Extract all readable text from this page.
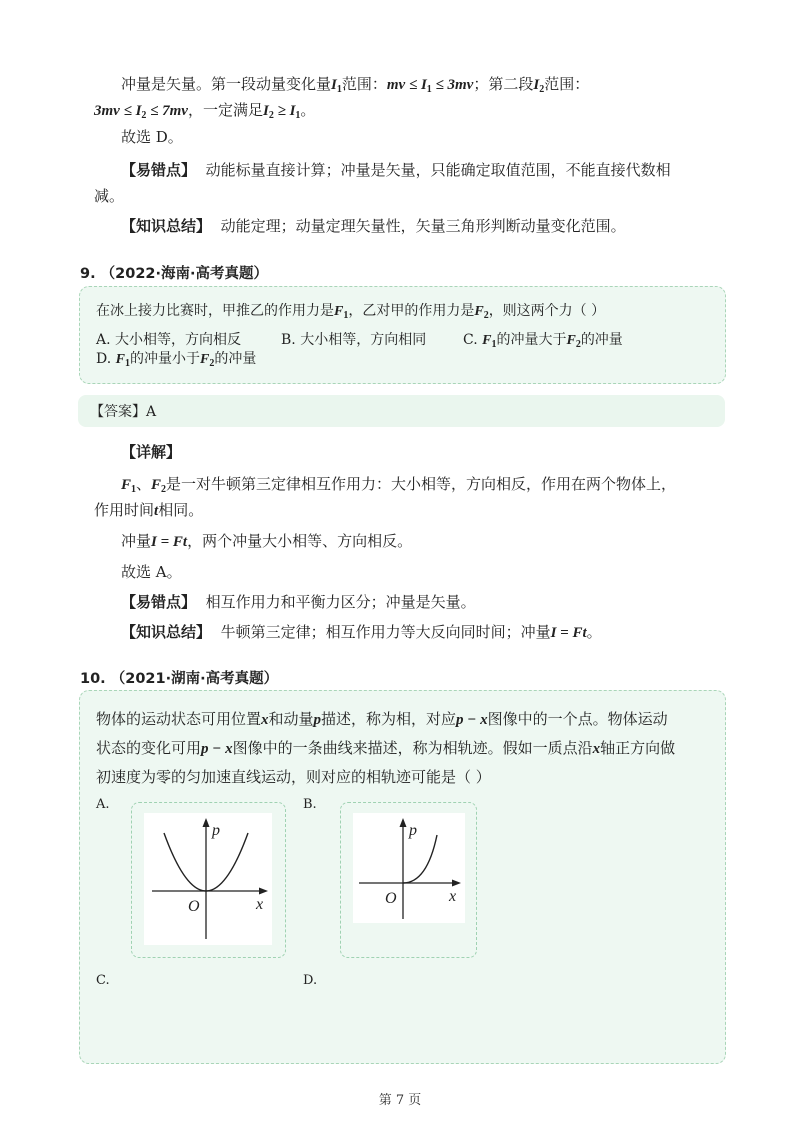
冲量是矢量。第一段动量变化量$I_1$范围：mv ≤ $I_1 \le 3mv$；第二段$I_2$范围：
$3mv \le I_2 \le 7mv$，一定满足$I_2 \ge I_1$。
故选 D。
【易错点】 动能标量直接计算；冲量是矢量，只能确定取值范围，不能直接代数相
减。
【知识总结】 动能定理；动量定理矢量性，矢量三角形判断动量变化范围。
9. （2022·海南·高考真题）
在冰上接力比赛时，甲推乙的作用力是$F_1$，乙对甲的作用力是$F_2$，则这两个力（ ）
A. 大小相等，方向相反	B. 大小相等，方向相同	C. $F_1$的冲量大于$F_2$的冲量
D. $F_1$的冲量小于$F_2$的冲量
【答案】A
【详解】
$F_1$、$F_2$是一对牛顿第三定律相互作用力：大小相等，方向相反，作用在两个物体上，
作用时间t相同。
冲量I = Ft，两个冲量大小相等、方向相反。
故选 A。
【易错点】 相互作用力和平衡力区分；冲量是矢量。
【知识总结】 牛顿第三定律；相互作用力等大反向同时间；冲量I = Ft。
10. （2021·湖南·高考真题）
物体的运动状态可用位置x和动量p描述，称为相，对应p − x图像中的一个点。物体运动
状态的变化可用p − x图像中的一条曲线来描述，称为相轨迹。假如一质点沿x轴正方向做
初速度为零的匀加速直线运动，则对应的相轨迹可能是（ ）
A.	B.
p
x
O
p
x
O
C.	D.
第 7 页
